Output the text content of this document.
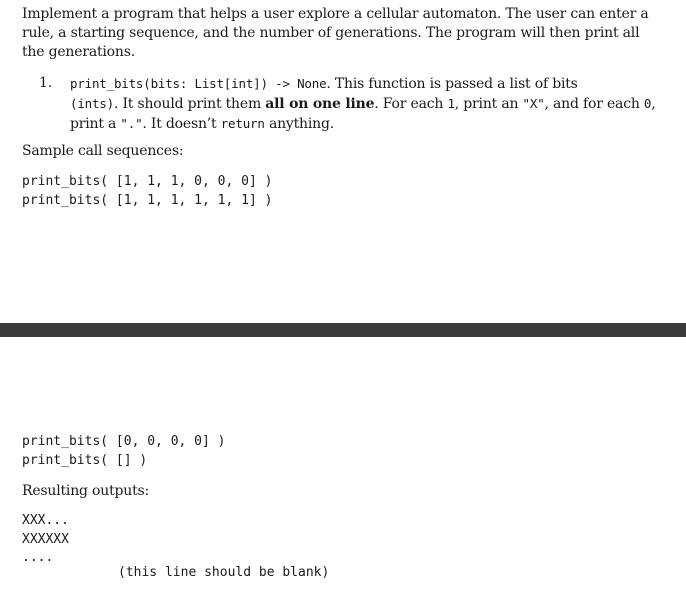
Implement a program that helps a user explore a cellular automaton. The user can enter a
rule, a starting sequence, and the number of generations. The program will then print all
the generations.
1. print_bits(bits: List[int]) -> None. This function is passed a list of bits
(ints). It should print them all on one line. For each 1, print an "X", and for each 0,
print a ".". It doesn’t return anything.
Sample call sequences:
print_bits( [1, 1, 1, 0, 0, 0] )
print_bits( [1, 1, 1, 1, 1, 1] )
print_bits( [0, 0, 0, 0] )
print_bits( [] )
Resulting outputs:
XXX...
XXXXXX
....
(this line should be blank)
